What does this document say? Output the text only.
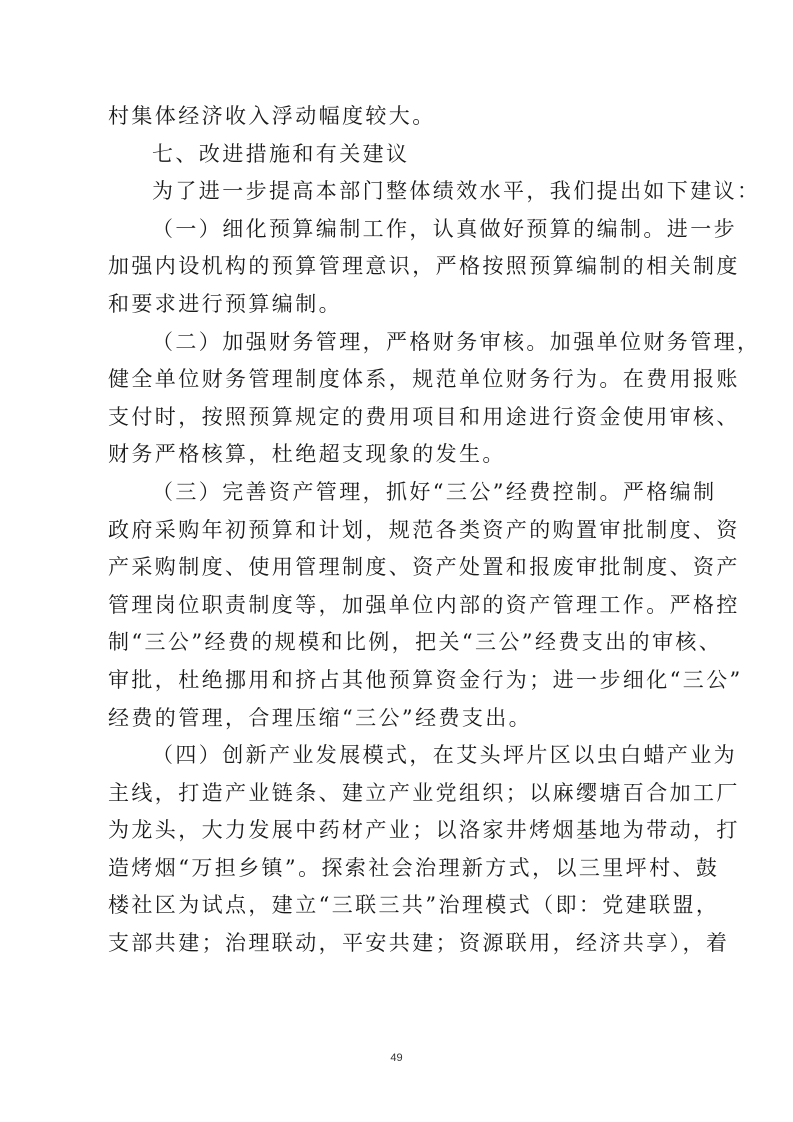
村集体经济收入浮动幅度较大。
七、改进措施和有关建议
为了进一步提高本部门整体绩效水平，我们提出如下建议：
（一）细化预算编制工作，认真做好预算的编制。进一步
加强内设机构的预算管理意识，严格按照预算编制的相关制度
和要求进行预算编制。
（二）加强财务管理，严格财务审核。加强单位财务管理，
健全单位财务管理制度体系，规范单位财务行为。在费用报账
支付时，按照预算规定的费用项目和用途进行资金使用审核、
财务严格核算，杜绝超支现象的发生。
（三）完善资产管理，抓好“三公”经费控制。严格编制
政府采购年初预算和计划，规范各类资产的购置审批制度、资
产采购制度、使用管理制度、资产处置和报废审批制度、资产
管理岗位职责制度等，加强单位内部的资产管理工作。严格控
制“三公”经费的规模和比例，把关“三公”经费支出的审核、
审批，杜绝挪用和挤占其他预算资金行为；进一步细化“三公”
经费的管理，合理压缩“三公”经费支出。
（四）创新产业发展模式，在艾头坪片区以虫白蜡产业为
主线，打造产业链条、建立产业党组织；以麻缨塘百合加工厂
为龙头，大力发展中药材产业；以洛家井烤烟基地为带动，打
造烤烟“万担乡镇”。探索社会治理新方式，以三里坪村、鼓
楼社区为试点，建立“三联三共”治理模式（即：党建联盟，
支部共建；治理联动，平安共建；资源联用，经济共享），着
49
